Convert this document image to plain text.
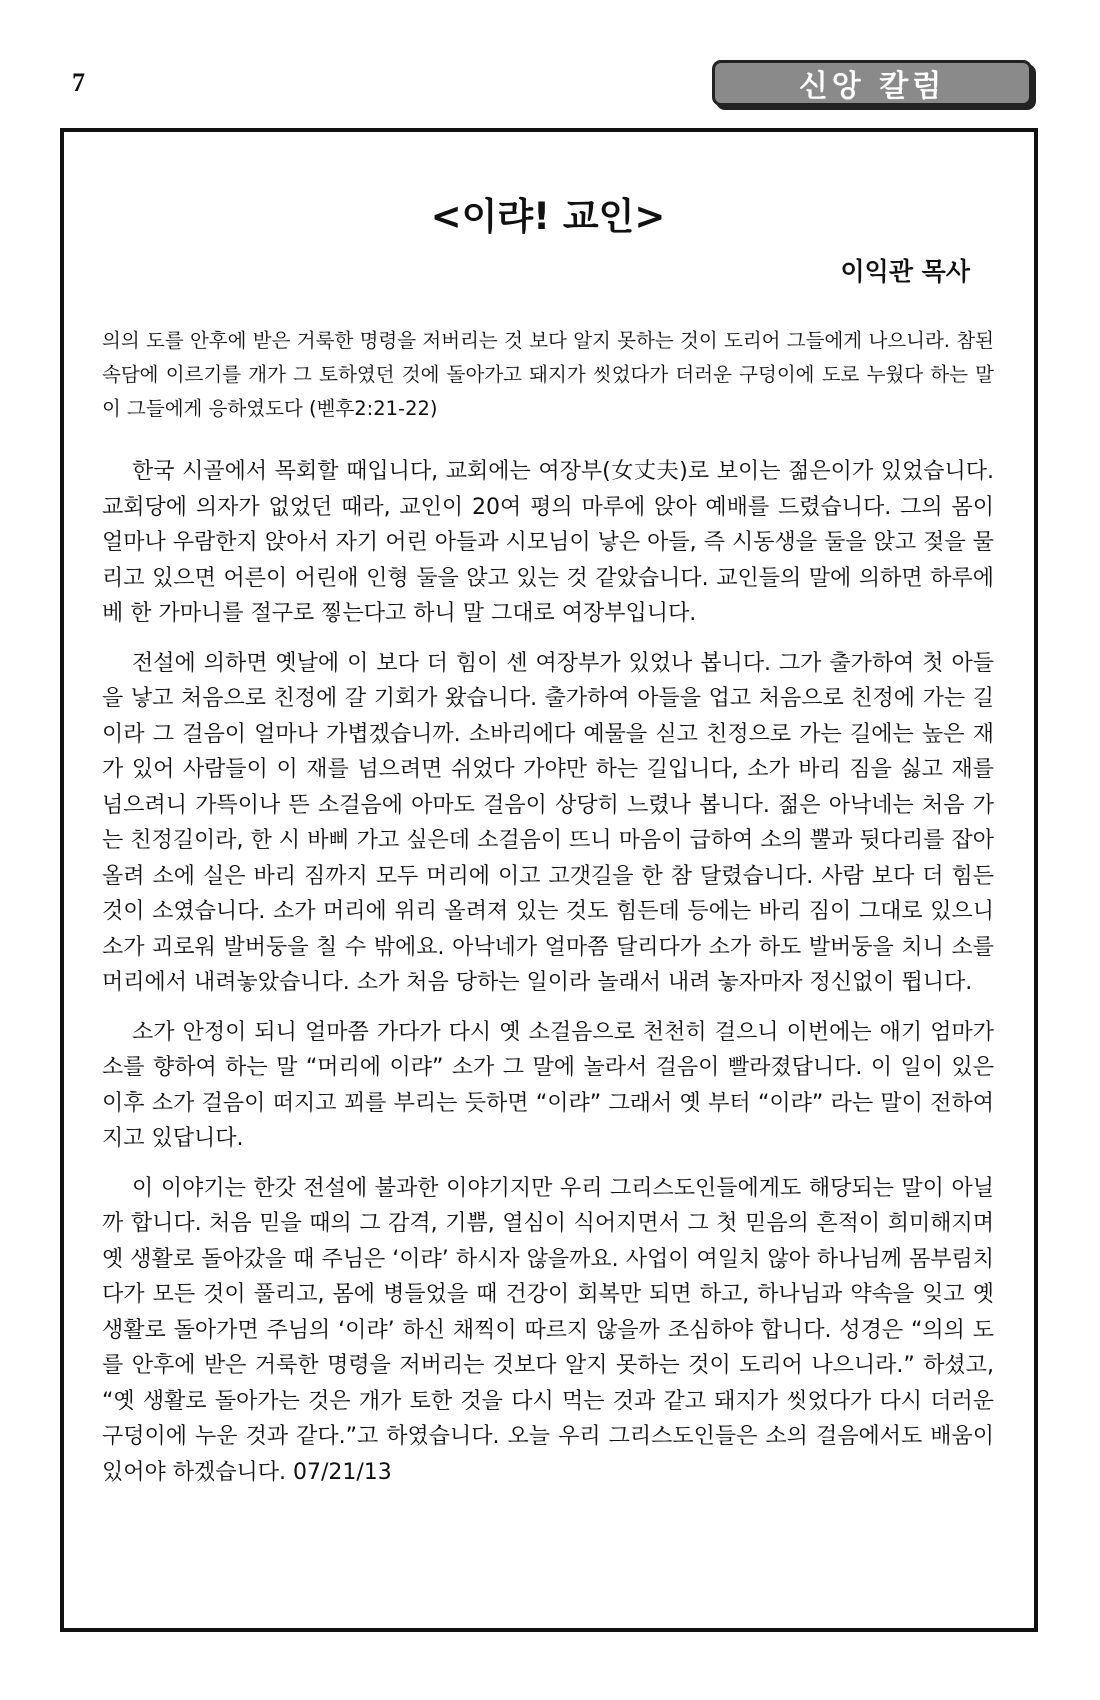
7	신앙 칼럼
<이랴! 교인>
이익관 목사
의의 도를 안후에 받은 거룩한 명령을 저버리는 것 보다 알지 못하는 것이 도리어 그들에게 나으니라. 참된 속담에 이르기를 개가 그 토하였던 것에 돌아가고 돼지가 씻었다가 더러운 구덩이에 도로 누웠다 하는 말이 그들에게 응하였도다 (벧후2:21-22)

한국 시골에서 목회할 때입니다, 교회에는 여장부(女丈夫)로 보이는 젊은이가 있었습니다. 교회당에 의자가 없었던 때라, 교인이 20여 평의 마루에 앉아 예배를 드렸습니다. 그의 몸이 얼마나 우람한지 앉아서 자기 어린 아들과 시모님이 낳은 아들, 즉 시동생을 둘을 앉고 젖을 물리고 있으면 어른이 어린애 인형 둘을 앉고 있는 것 같았습니다. 교인들의 말에 의하면 하루에 베 한 가마니를 절구로 찧는다고 하니 말 그대로 여장부입니다.

전설에 의하면 옛날에 이 보다 더 힘이 센 여장부가 있었나 봅니다. 그가 출가하여 첫 아들을 낳고 처음으로 친정에 갈 기회가 왔습니다. 출가하여 아들을 업고 처음으로 친정에 가는 길이라 그 걸음이 얼마나 가볍겠습니까. 소바리에다 예물을 싣고 친정으로 가는 길에는 높은 재가 있어 사람들이 이 재를 넘으려면 쉬었다 가야만 하는 길입니다, 소가 바리 짐을 싫고 재를 넘으려니 가뜩이나 뜬 소걸음에 아마도 걸음이 상당히 느렸나 봅니다. 젊은 아낙네는 처음 가는 친정길이라, 한 시 바삐 가고 싶은데 소걸음이 뜨니 마음이 급하여 소의 뿔과 뒷다리를 잡아 올려 소에 실은 바리 짐까지 모두 머리에 이고 고갯길을 한 참 달렸습니다. 사람 보다 더 힘든 것이 소였습니다. 소가 머리에 위리 올려져 있는 것도 힘든데 등에는 바리 짐이 그대로 있으니 소가 괴로워 발버둥을 칠 수 밖에요. 아낙네가 얼마쯤 달리다가 소가 하도 발버둥을 치니 소를 머리에서 내려놓았습니다. 소가 처음 당하는 일이라 놀래서 내려 놓자마자 정신없이 뜁니다.

소가 안정이 되니 얼마쯤 가다가 다시 옛 소걸음으로 천천히 걸으니 이번에는 애기 엄마가 소를 향하여 하는 말 “머리에 이랴” 소가 그 말에 놀라서 걸음이 빨라졌답니다. 이 일이 있은 이후 소가 걸음이 떠지고 꾀를 부리는 듯하면 “이랴” 그래서 옛 부터 “이랴” 라는 말이 전하여지고 있답니다.

이 이야기는 한갓 전설에 불과한 이야기지만 우리 그리스도인들에게도 해당되는 말이 아닐까 합니다. 처음 믿을 때의 그 감격, 기쁨, 열심이 식어지면서 그 첫 믿음의 흔적이 희미해지며 옛 생활로 돌아갔을 때 주님은 ‘이랴’ 하시자 않을까요. 사업이 여일치 않아 하나님께 몸부림치다가 모든 것이 풀리고, 몸에 병들었을 때 건강이 회복만 되면 하고, 하나님과 약속을 잊고 옛생활로 돌아가면 주님의 ‘이랴’ 하신 채찍이 따르지 않을까 조심하야 합니다. 성경은 “의의 도를 안후에 받은 거룩한 명령을 저버리는 것보다 알지 못하는 것이 도리어 나으니라.” 하셨고, “옛 생활로 돌아가는 것은 개가 토한 것을 다시 먹는 것과 같고 돼지가 씻었다가 다시 더러운 구덩이에 누운 것과 같다.”고 하였습니다. 오늘 우리 그리스도인들은 소의 걸음에서도 배움이 있어야 하겠습니다. 07/21/13
